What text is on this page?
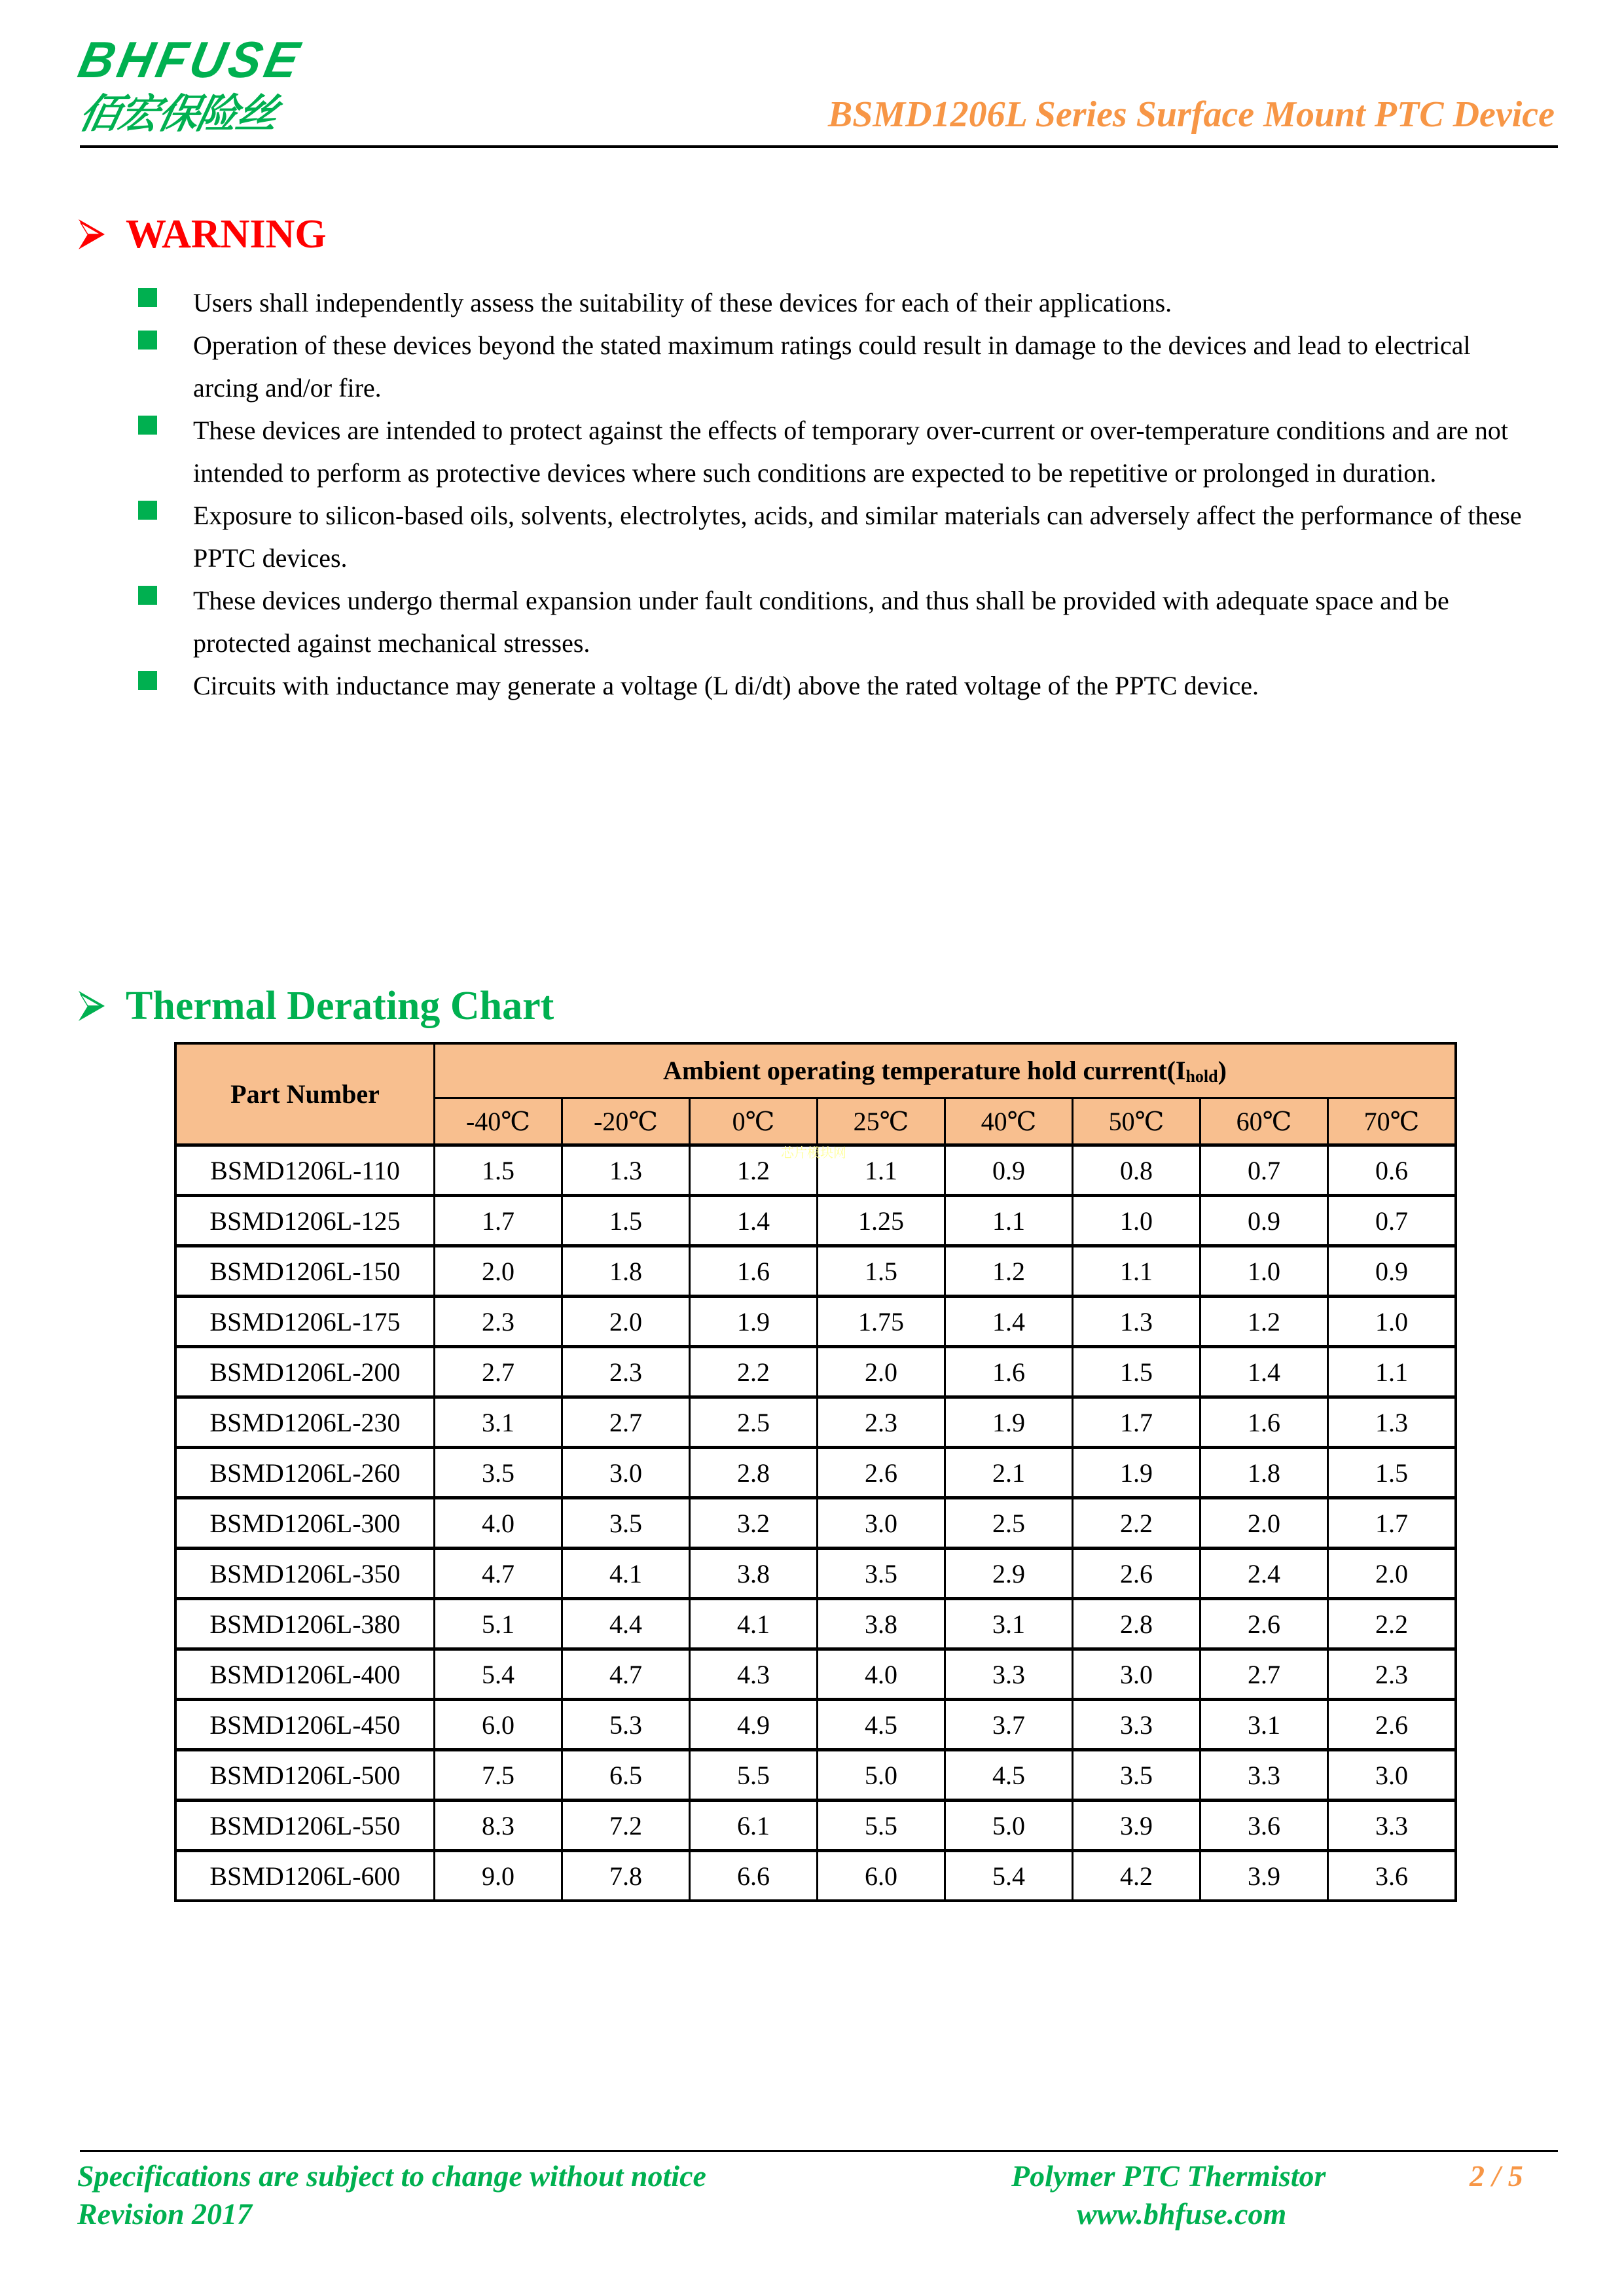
BHFUSE
佰宏保险丝	BSMD1206L Series Surface Mount PTC Device
WARNING
Users shall independently assess the suitability of these devices for each of their applications.
Operation of these devices beyond the stated maximum ratings could result in damage to the devices and lead to electrical arcing and/or fire.
These devices are intended to protect against the effects of temporary over-current or over-temperature conditions and are not intended to perform as protective devices where such conditions are expected to be repetitive or prolonged in duration.
Exposure to silicon-based oils, solvents, electrolytes, acids, and similar materials can adversely affect the performance of these PPTC devices.
These devices undergo thermal expansion under fault conditions, and thus shall be provided with adequate space and be protected against mechanical stresses.
Circuits with inductance may generate a voltage (L di/dt) above the rated voltage of the PPTC device.
Thermal Derating Chart
Part Number	Ambient operating temperature hold $current(I_{hold})$							
	-40℃	-20℃	0℃	25℃	40℃	50℃	60℃	70℃
BSMD1206L-110	1.5	1.3	1.2	1.1	0.9	0.8	0.7	0.6
BSMD1206L-125	1.7	1.5	1.4	1.25	1.1	1.0	0.9	0.7
BSMD1206L-150	2.0	1.8	1.6	1.5	1.2	1.1	1.0	0.9
BSMD1206L-175	2.3	2.0	1.9	1.75	1.4	1.3	1.2	1.0
BSMD1206L-200	2.7	2.3	2.2	2.0	1.6	1.5	1.4	1.1
BSMD1206L-230	3.1	2.7	2.5	2.3	1.9	1.7	1.6	1.3
BSMD1206L-260	3.5	3.0	2.8	2.6	2.1	1.9	1.8	1.5
BSMD1206L-300	4.0	3.5	3.2	3.0	2.5	2.2	2.0	1.7
BSMD1206L-350	4.7	4.1	3.8	3.5	2.9	2.6	2.4	2.0
BSMD1206L-380	5.1	4.4	4.1	3.8	3.1	2.8	2.6	2.2
BSMD1206L-400	5.4	4.7	4.3	4.0	3.3	3.0	2.7	2.3
BSMD1206L-450	6.0	5.3	4.9	4.5	3.7	3.3	3.1	2.6
BSMD1206L-500	7.5	6.5	5.5	5.0	4.5	3.5	3.3	3.0
BSMD1206L-550	8.3	7.2	6.1	5.5	5.0	3.9	3.6	3.3
BSMD1206L-600	9.0	7.8	6.6	6.0	5.4	4.2	3.9	3.6
芯片模块网
Specifications are subject to change without notice
Revision 2017
Polymer PTC Thermistor
www.bhfuse.com
2 / 5
